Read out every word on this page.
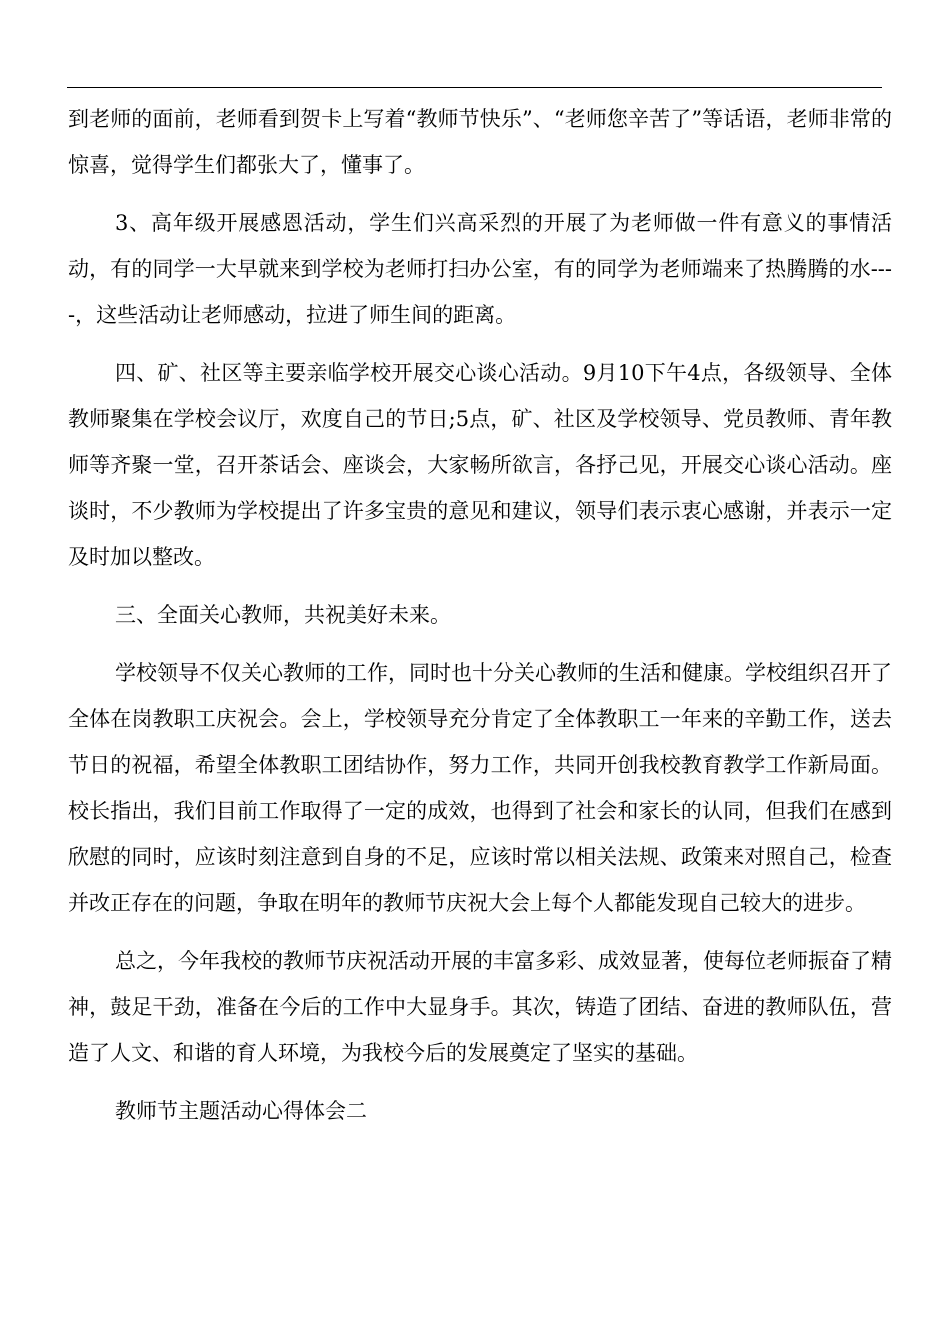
到老师的面前，老师看到贺卡上写着“教师节快乐”、“老师您辛苦了”等话语，老师非常的惊喜，觉得学生们都张大了，懂事了。

3、高年级开展感恩活动，学生们兴高采烈的开展了为老师做一件有意义的事情活动，有的同学一大早就来到学校为老师打扫办公室，有的同学为老师端来了热腾腾的水----，这些活动让老师感动，拉进了师生间的距离。

四、矿、社区等主要亲临学校开展交心谈心活动。9月10下午4点，各级领导、全体教师聚集在学校会议厅，欢度自己的节日;5点，矿、社区及学校领导、党员教师、青年教师等齐聚一堂，召开茶话会、座谈会，大家畅所欲言，各抒己见，开展交心谈心活动。座谈时，不少教师为学校提出了许多宝贵的意见和建议，领导们表示衷心感谢，并表示一定及时加以整改。

三、全面关心教师，共祝美好未来。

学校领导不仅关心教师的工作，同时也十分关心教师的生活和健康。学校组织召开了全体在岗教职工庆祝会。会上，学校领导充分肯定了全体教职工一年来的辛勤工作，送去节日的祝福，希望全体教职工团结协作，努力工作，共同开创我校教育教学工作新局面。校长指出，我们目前工作取得了一定的成效，也得到了社会和家长的认同，但我们在感到欣慰的同时，应该时刻注意到自身的不足，应该时常以相关法规、政策来对照自己，检查并改正存在的问题，争取在明年的教师节庆祝大会上每个人都能发现自己较大的进步。

总之，今年我校的教师节庆祝活动开展的丰富多彩、成效显著，使每位老师振奋了精神，鼓足干劲，准备在今后的工作中大显身手。其次，铸造了团结、奋进的教师队伍，营造了人文、和谐的育人环境，为我校今后的发展奠定了坚实的基础。

教师节主题活动心得体会二
